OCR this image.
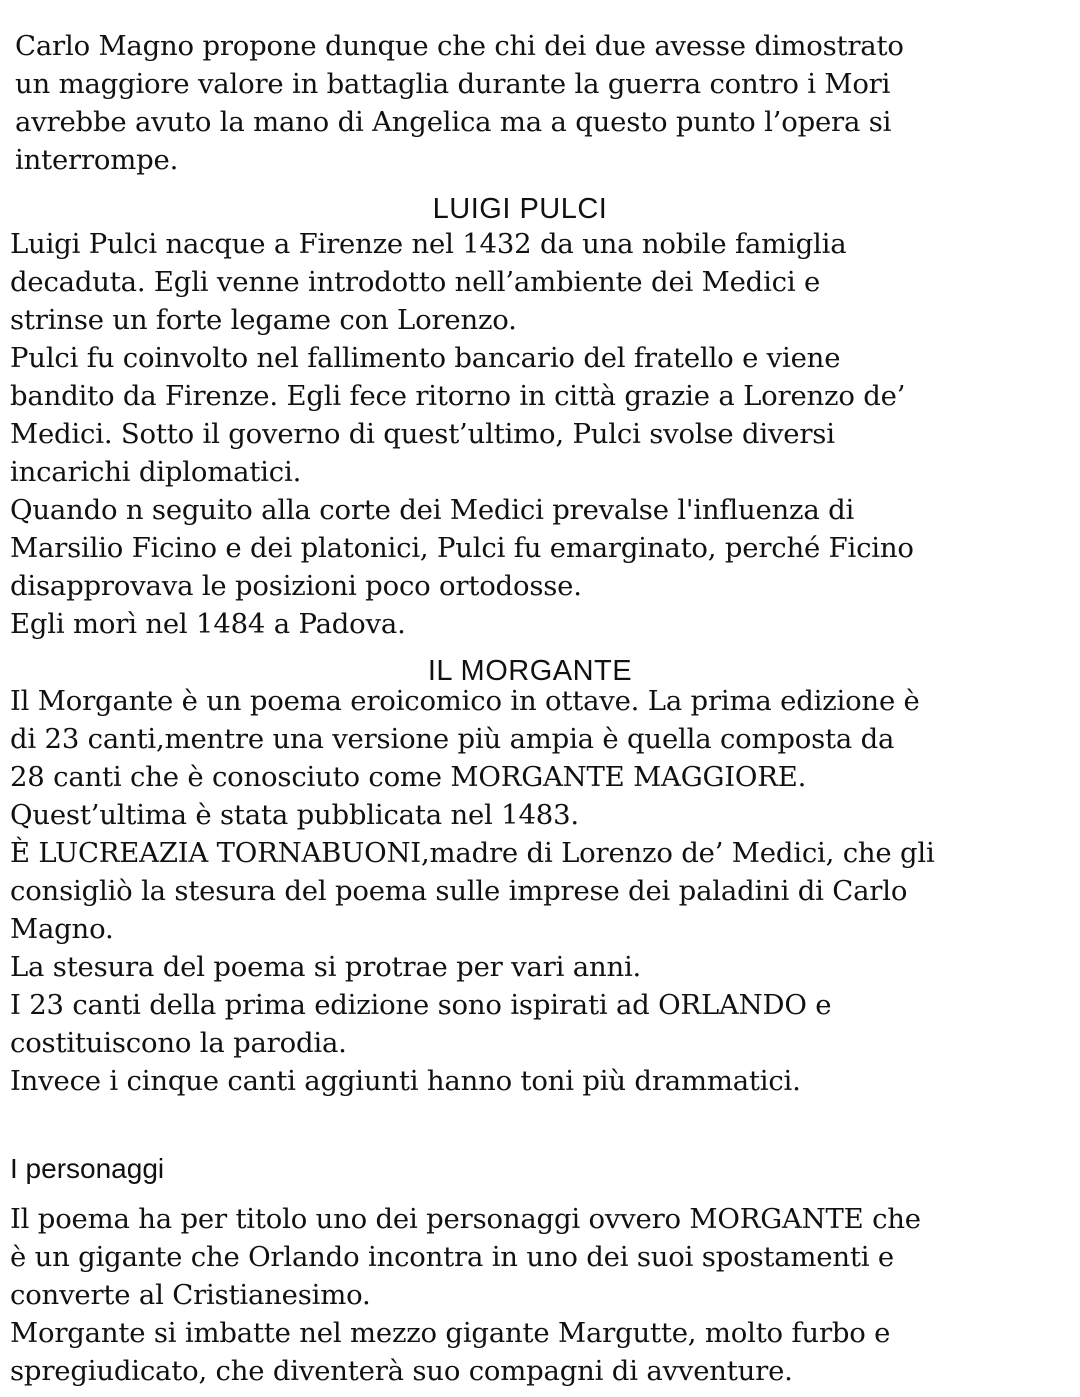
Carlo Magno propone dunque che chi dei due avesse dimostrato
un maggiore valore in battaglia durante la guerra contro i Mori
avrebbe avuto la mano di Angelica ma a questo punto l’opera si
interrompe.
LUIGI PULCI
Luigi Pulci nacque a Firenze nel 1432 da una nobile famiglia
decaduta. Egli venne introdotto nell’ambiente dei Medici e
strinse un forte legame con Lorenzo.
Pulci fu coinvolto nel fallimento bancario del fratello e viene
bandito da Firenze. Egli fece ritorno in città grazie a Lorenzo de’
Medici. Sotto il governo di quest’ultimo, Pulci svolse diversi
incarichi diplomatici.
Quando n seguito alla corte dei Medici prevalse l'influenza di
Marsilio Ficino e dei platonici, Pulci fu emarginato, perché Ficino
disapprovava le posizioni poco ortodosse.
Egli morì nel 1484 a Padova.
IL MORGANTE
Il Morgante è un poema eroicomico in ottave. La prima edizione è
di 23 canti,mentre una versione più ampia è quella composta da
28 canti che è conosciuto come MORGANTE MAGGIORE.
Quest’ultima è stata pubblicata nel 1483.
È LUCREAZIA TORNABUONI,madre di Lorenzo de’ Medici, che gli
consigliò la stesura del poema sulle imprese dei paladini di Carlo
Magno.
La stesura del poema si protrae per vari anni.
I 23 canti della prima edizione sono ispirati ad ORLANDO e
costituiscono la parodia.
Invece i cinque canti aggiunti hanno toni più drammatici.
I personaggi
Il poema ha per titolo uno dei personaggi ovvero MORGANTE che
è un gigante che Orlando incontra in uno dei suoi spostamenti e
converte al Cristianesimo.
Morgante si imbatte nel mezzo gigante Margutte, molto furbo e
spregiudicato, che diventerà suo compagni di avventure.
